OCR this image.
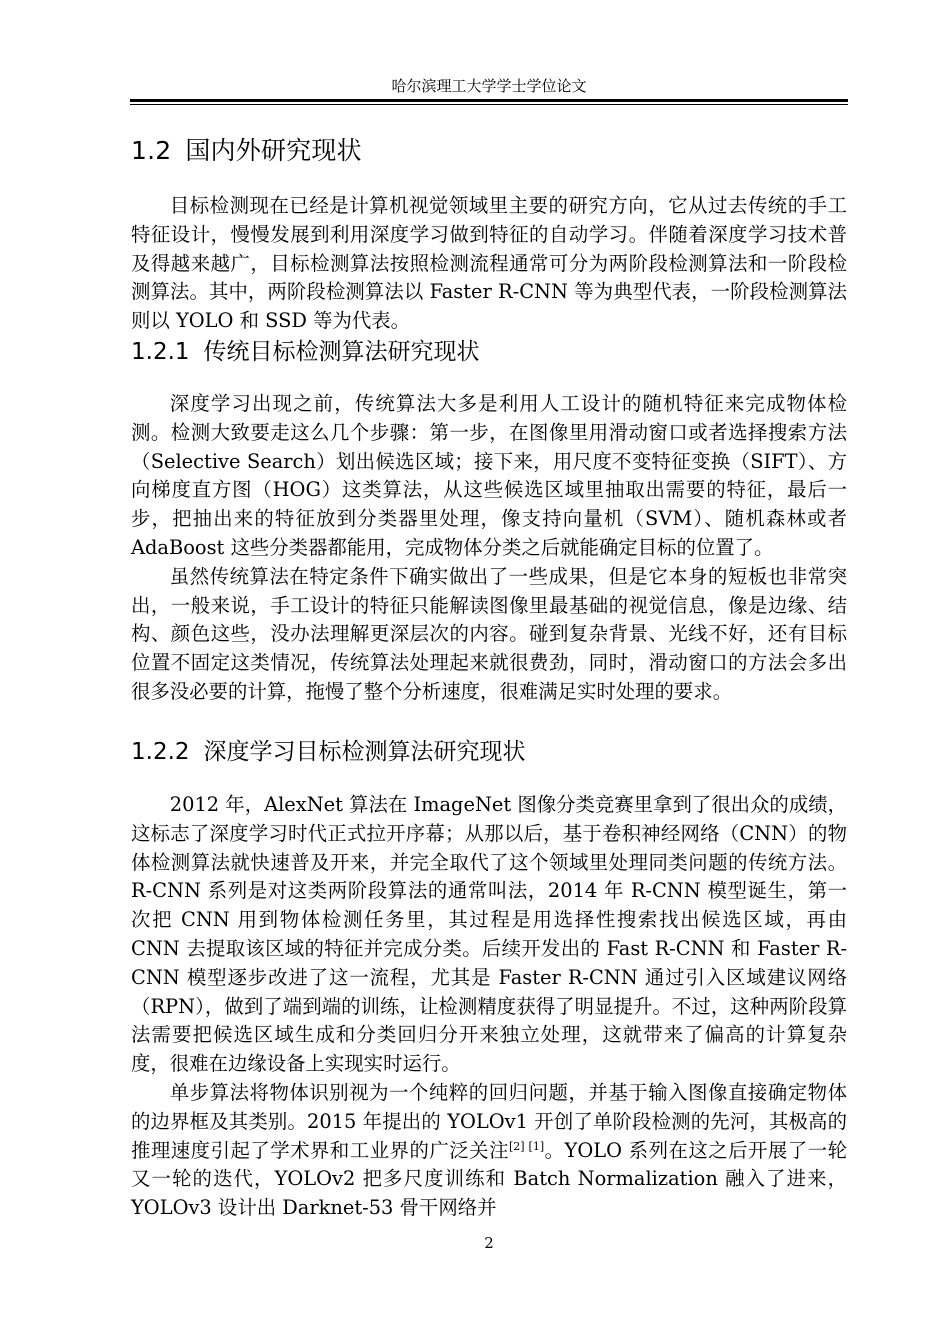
哈尔滨理工大学学士学位论文
1.2 国内外研究现状

目标检测现在已经是计算机视觉领域里主要的研究方向，它从过去传统的手工特征设计，慢慢发展到利用深度学习做到特征的自动学习。伴随着深度学习技术普及得越来越广，目标检测算法按照检测流程通常可分为两阶段检测算法和一阶段检测算法。其中，两阶段检测算法以 Faster R-CNN 等为典型代表，一阶段检测算法则以 YOLO 和 SSD 等为代表。

1.2.1 传统目标检测算法研究现状

深度学习出现之前，传统算法大多是利用人工设计的随机特征来完成物体检测。检测大致要走这么几个步骤：第一步，在图像里用滑动窗口或者选择搜索方法（Selective Search）划出候选区域；接下来，用尺度不变特征变换（SIFT）、方向梯度直方图（HOG）这类算法，从这些候选区域里抽取出需要的特征，最后一步，把抽出来的特征放到分类器里处理，像支持向量机（SVM）、随机森林或者 AdaBoost 这些分类器都能用，完成物体分类之后就能确定目标的位置了。

虽然传统算法在特定条件下确实做出了一些成果，但是它本身的短板也非常突出，一般来说，手工设计的特征只能解读图像里最基础的视觉信息，像是边缘、结构、颜色这些，没办法理解更深层次的内容。碰到复杂背景、光线不好，还有目标位置不固定这类情况，传统算法处理起来就很费劲，同时，滑动窗口的方法会多出很多没必要的计算，拖慢了整个分析速度，很难满足实时处理的要求。

1.2.2 深度学习目标检测算法研究现状

2012 年，AlexNet 算法在 ImageNet 图像分类竞赛里拿到了很出众的成绩，这标志了深度学习时代正式拉开序幕；从那以后，基于卷积神经网络（CNN）的物体检测算法就快速普及开来，并完全取代了这个领域里处理同类问题的传统方法。R-CNN 系列是对这类两阶段算法的通常叫法，2014 年 R-CNN 模型诞生，第一次把 CNN 用到物体检测任务里，其过程是用选择性搜索找出候选区域，再由 CNN 去提取该区域的特征并完成分类。后续开发出的 Fast R-CNN 和 Faster R-CNN 模型逐步改进了这一流程，尤其是 Faster R-CNN 通过引入区域建议网络（RPN），做到了端到端的训练，让检测精度获得了明显提升。不过，这种两阶段算法需要把候选区域生成和分类回归分开来独立处理，这就带来了偏高的计算复杂度，很难在边缘设备上实现实时运行。

单步算法将物体识别视为一个纯粹的回归问题，并基于输入图像直接确定物体的边界框及其类别。2015 年提出的 YOLOv1 开创了单阶段检测的先河，其极高的推理速度引起了学术界和工业界的广泛关注[2] [1]。YOLO 系列在这之后开展了一轮又一轮的迭代，YOLOv2 把多尺度训练和 Batch Normalization 融入了进来，YOLOv3 设计出 Darknet-53 骨干网络并

2
